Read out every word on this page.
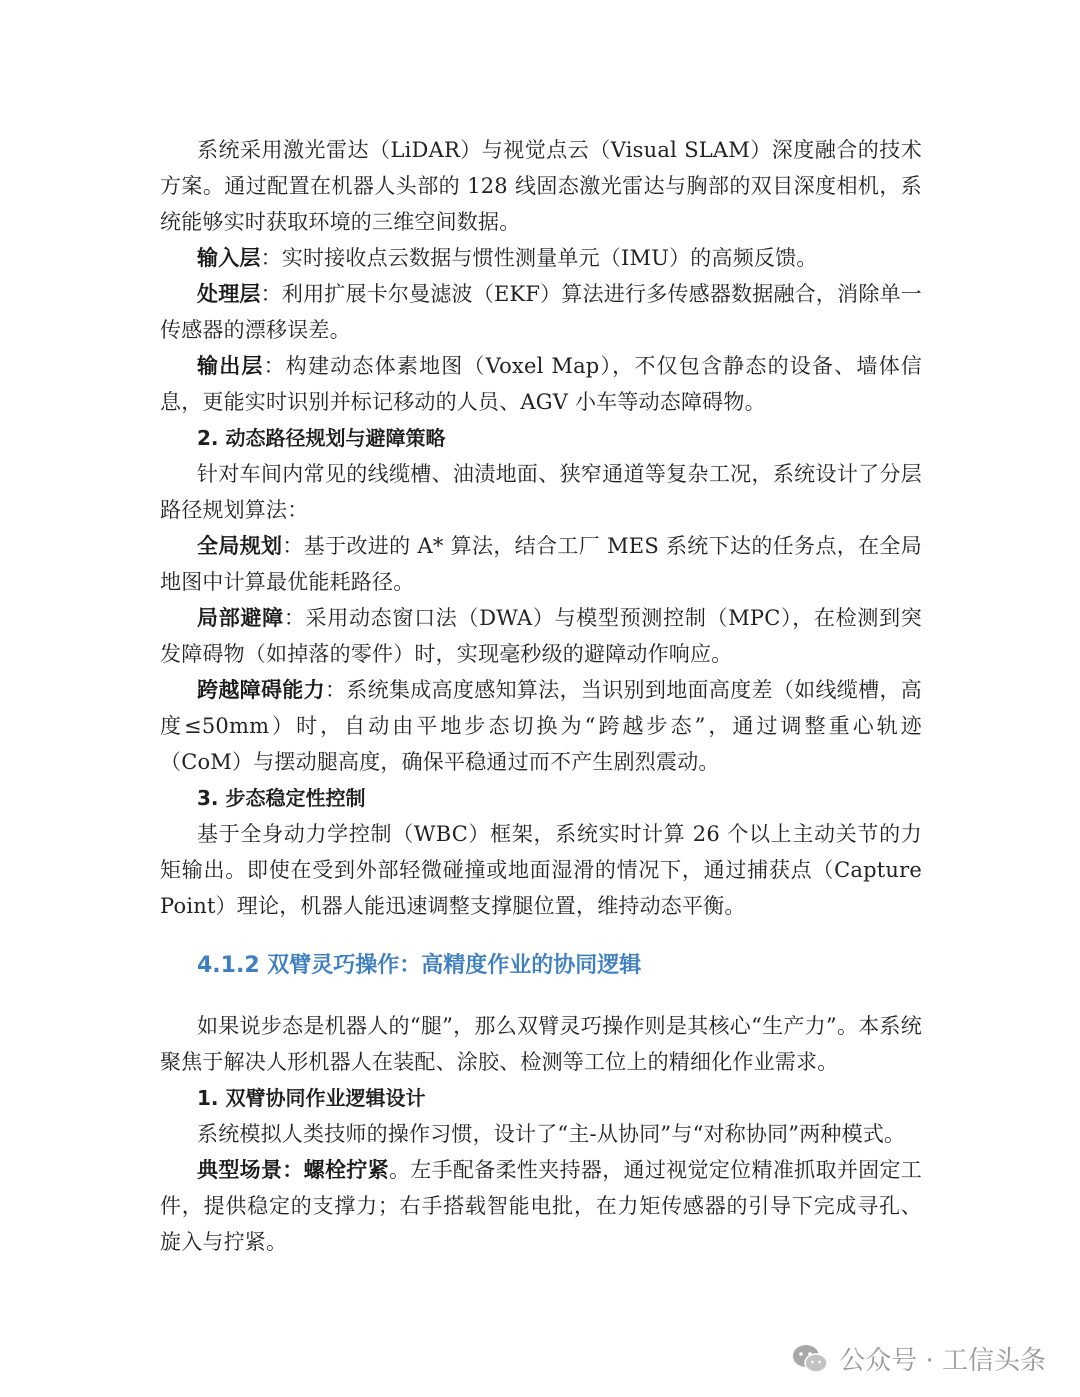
系统采用激光雷达（LiDAR）与视觉点云（Visual SLAM）深度融合的技术方案。通过配置在机器人头部的 128 线固态激光雷达与胸部的双目深度相机，系统能够实时获取环境的三维空间数据。

输入层：实时接收点云数据与惯性测量单元（IMU）的高频反馈。

处理层：利用扩展卡尔曼滤波（EKF）算法进行多传感器数据融合，消除单一传感器的漂移误差。

输出层：构建动态体素地图（Voxel Map），不仅包含静态的设备、墙体信息，更能实时识别并标记移动的人员、AGV 小车等动态障碍物。

2. 动态路径规划与避障策略

针对车间内常见的线缆槽、油渍地面、狭窄通道等复杂工况，系统设计了分层路径规划算法：

全局规划：基于改进的 A* 算法，结合工厂 MES 系统下达的任务点，在全局地图中计算最优能耗路径。

局部避障：采用动态窗口法（DWA）与模型预测控制（MPC），在检测到突发障碍物（如掉落的零件）时，实现毫秒级的避障动作响应。

跨越障碍能力：系统集成高度感知算法，当识别到地面高度差（如线缆槽，高度≤50mm）时，自动由平地步态切换为“跨越步态”，通过调整重心轨迹（CoM）与摆动腿高度，确保平稳通过而不产生剧烈震动。

3. 步态稳定性控制

基于全身动力学控制（WBC）框架，系统实时计算 26 个以上主动关节的力矩输出。即使在受到外部轻微碰撞或地面湿滑的情况下，通过捕获点（Capture Point）理论，机器人能迅速调整支撑腿位置，维持动态平衡。

4.1.2 双臂灵巧操作：高精度作业的协同逻辑

如果说步态是机器人的“腿”，那么双臂灵巧操作则是其核心“生产力”。本系统聚焦于解决人形机器人在装配、涂胶、检测等工位上的精细化作业需求。

1. 双臂协同作业逻辑设计

系统模拟人类技师的操作习惯，设计了“主-从协同”与“对称协同”两种模式。

典型场景：螺栓拧紧。左手配备柔性夹持器，通过视觉定位精准抓取并固定工件，提供稳定的支撑力；右手搭载智能电批，在力矩传感器的引导下完成寻孔、旋入与拧紧。

公众号 · 工信头条
